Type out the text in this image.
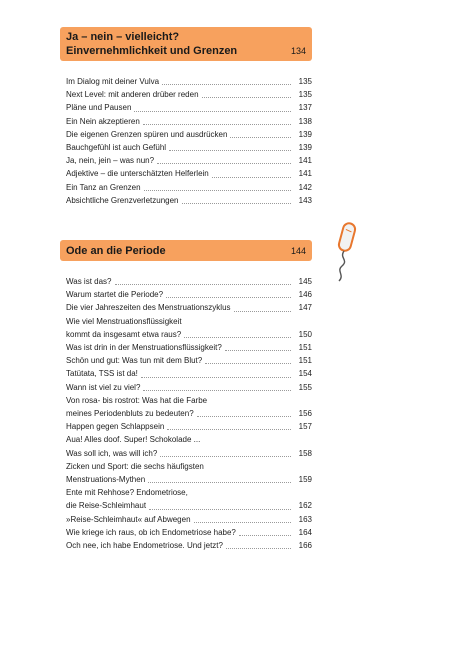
Ja – nein – vielleicht?
Einvernehmlichkeit und Grenzen	134
Im Dialog mit deiner Vulva	135
Next Level: mit anderen drüber reden	135
Pläne und Pausen	137
Ein Nein akzeptieren	138
Die eigenen Grenzen spüren und ausdrücken	139
Bauchgefühl ist auch Gefühl	139
Ja, nein, jein – was nun?	141
Adjektive – die unterschätzten Helferlein	141
Ein Tanz an Grenzen	142
Absichtliche Grenzverletzungen	143
Ode an die Periode	144
Was ist das?	145
Warum startet die Periode?	146
Die vier Jahreszeiten des Menstruationszyklus	147
Wie viel Menstruationsflüssigkeit
kommt da insgesamt etwa raus?	150
Was ist drin in der Menstruationsflüssigkeit?	151
Schön und gut: Was tun mit dem Blut?	151
Tatütata, TSS ist da!	154
Wann ist viel zu viel?	155
Von rosa- bis rostrot: Was hat die Farbe
meines Periodenbluts zu bedeuten?	156
Happen gegen Schlappsein	157
Aua! Alles doof. Super! Schokolade ...
Was soll ich, was will ich?	158
Zicken und Sport: die sechs häufigsten
Menstruations-Mythen	159
Ente mit Rehhose? Endometriose,
die Reise-Schleimhaut	162
»Reise-Schleimhaut« auf Abwegen	163
Wie kriege ich raus, ob ich Endometriose habe?	164
Och nee, ich habe Endometriose. Und jetzt?	166
